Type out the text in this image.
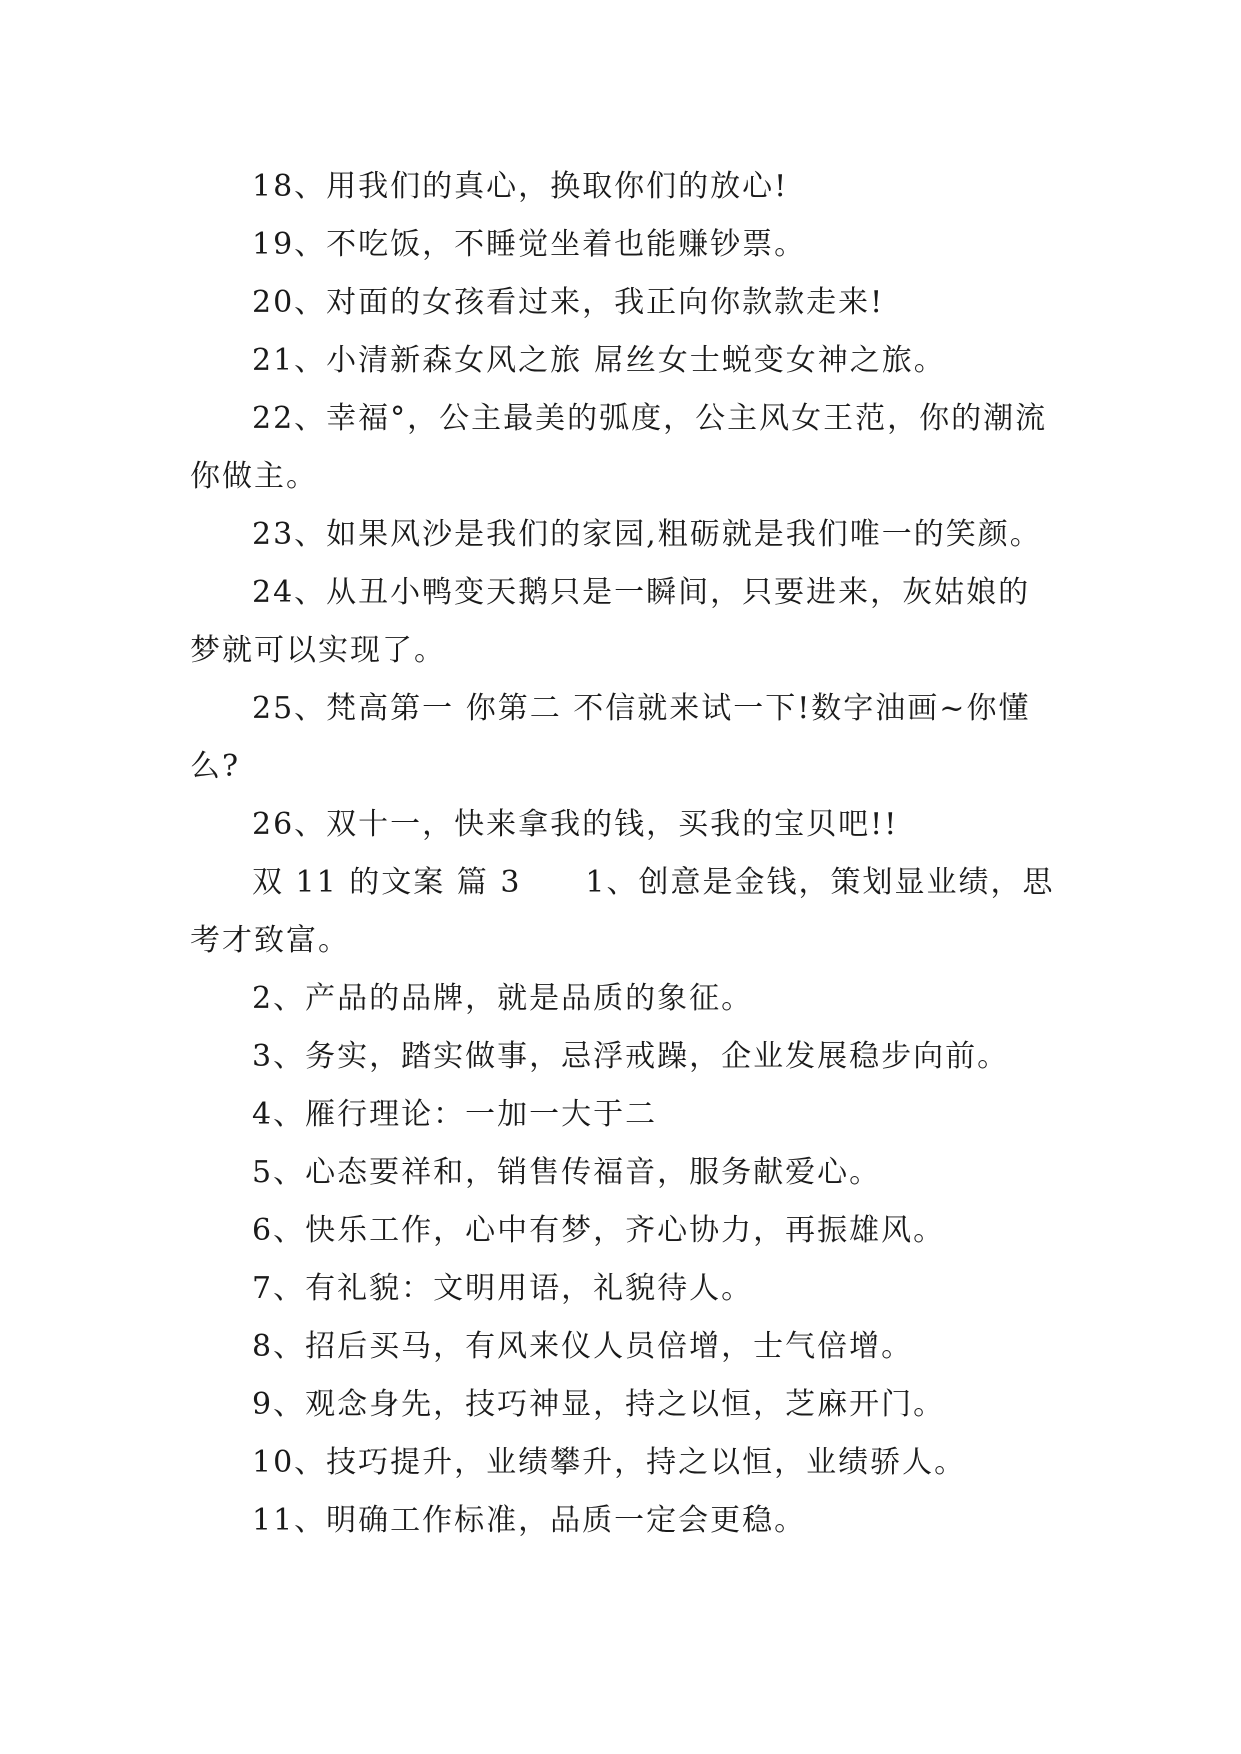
18、用我们的真心，换取你们的放心!

19、不吃饭，不睡觉坐着也能赚钞票。

20、对面的女孩看过来，我正向你款款走来!

21、小清新森女风之旅 屌丝女士蜕变女神之旅。

22、幸福°，公主最美的弧度，公主风女王范，你的潮流你做主。

23、如果风沙是我们的家园,粗砺就是我们唯一的笑颜。

24、从丑小鸭变天鹅只是一瞬间，只要进来，灰姑娘的梦就可以实现了。

25、梵高第一 你第二 不信就来试一下!数字油画~你懂么?

26、双十一，快来拿我的钱，买我的宝贝吧!!

双 11 的文案 篇 3　　1、创意是金钱，策划显业绩，思考才致富。

2、产品的品牌，就是品质的象征。

3、务实，踏实做事，忌浮戒躁，企业发展稳步向前。

4、雁行理论：一加一大于二

5、心态要祥和，销售传福音，服务献爱心。

6、快乐工作，心中有梦，齐心协力，再振雄风。

7、有礼貌：文明用语，礼貌待人。

8、招后买马，有风来仪人员倍增，士气倍增。

9、观念身先，技巧神显，持之以恒，芝麻开门。

10、技巧提升，业绩攀升，持之以恒，业绩骄人。

11、明确工作标准，品质一定会更稳。
